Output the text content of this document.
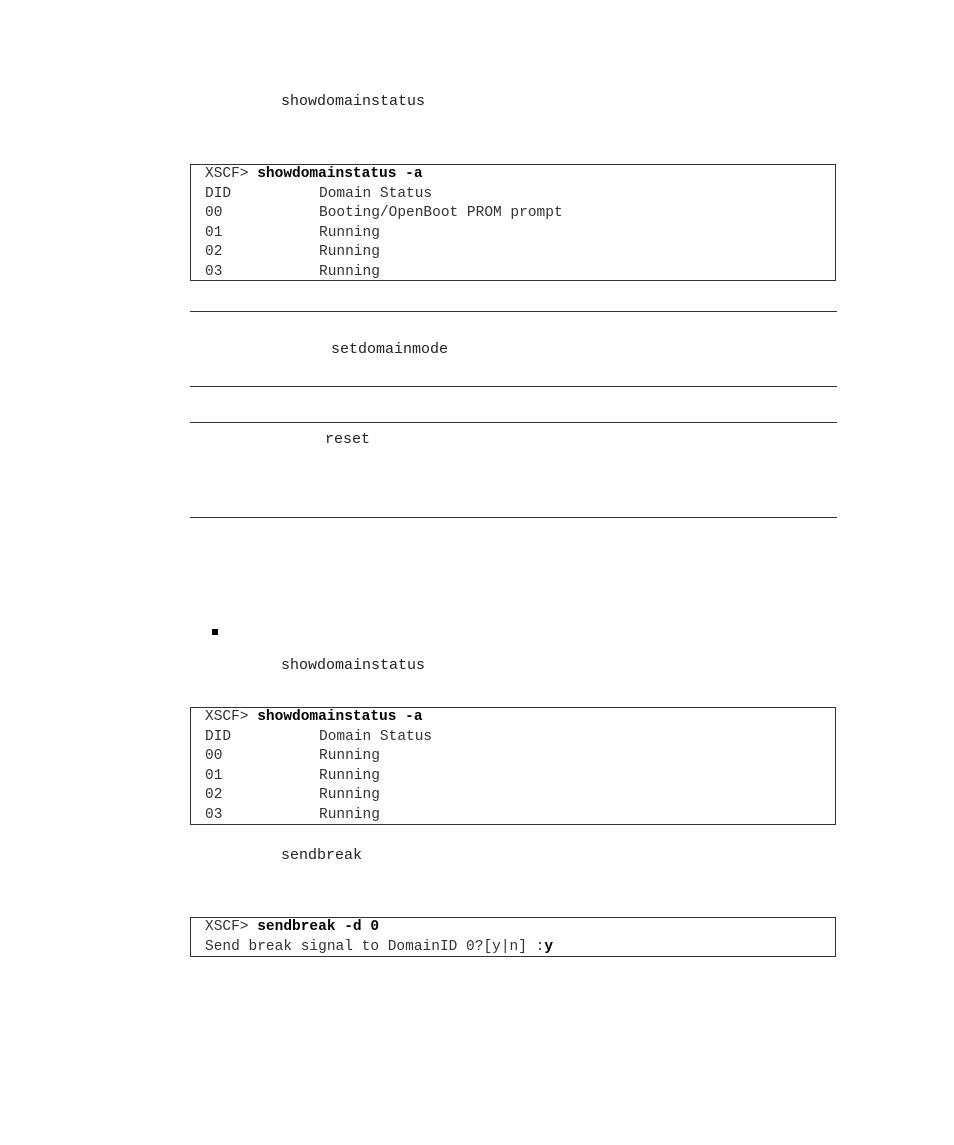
showdomainstatus
XSCF> showdomainstatus -a
DID	Domain Status
00	Booting/OpenBoot PROM prompt
01	Running
02	Running
03	Running
setdomainmode
reset
showdomainstatus
XSCF> showdomainstatus -a
DID	Domain Status
00	Running
01	Running
02	Running
03	Running
sendbreak
XSCF> sendbreak -d 0
Send break signal to DomainID 0?[y|n] :y
